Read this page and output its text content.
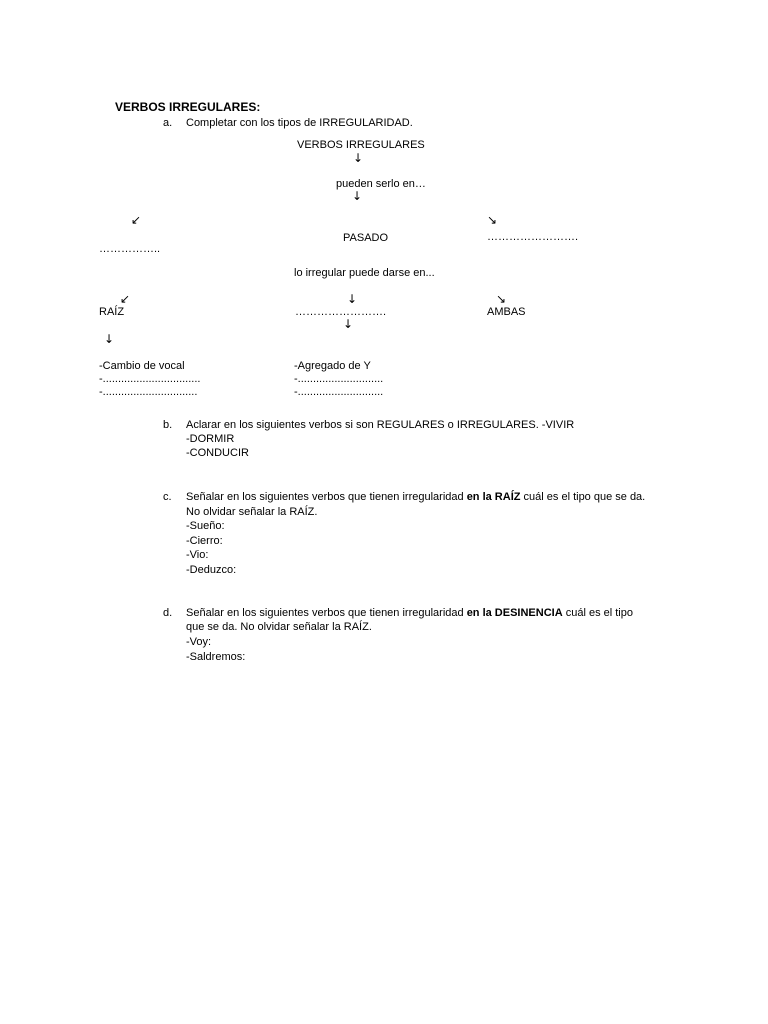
VERBOS IRREGULARES:
a. Completar con los tipos de IRREGULARIDAD.
VERBOS IRREGULARES
↓
pueden serlo en…
↓
↙	↘
PASADO	…………………….
……………..
lo irregular puede darse en...
↙	↓	↘
RAÍZ	…………………….	AMBAS
↓
↓
-Cambio de vocal
-................................
-...............................
-Agregado de Y
-............................
-............................
b. Aclarar en los siguientes verbos si son REGULARES o IRREGULARES. -VIVIR
-DORMIR
-CONDUCIR
c. Señalar en los siguientes verbos que tienen irregularidad en la RAÍZ cuál es el tipo que se da.
No olvidar señalar la RAÍZ.
-Sueño:
-Cierro:
-Vio:
-Deduzco:
d. Señalar en los siguientes verbos que tienen irregularidad en la DESINENCIA cuál es el tipo
que se da. No olvidar señalar la RAÍZ.
-Voy:
-Saldremos:
